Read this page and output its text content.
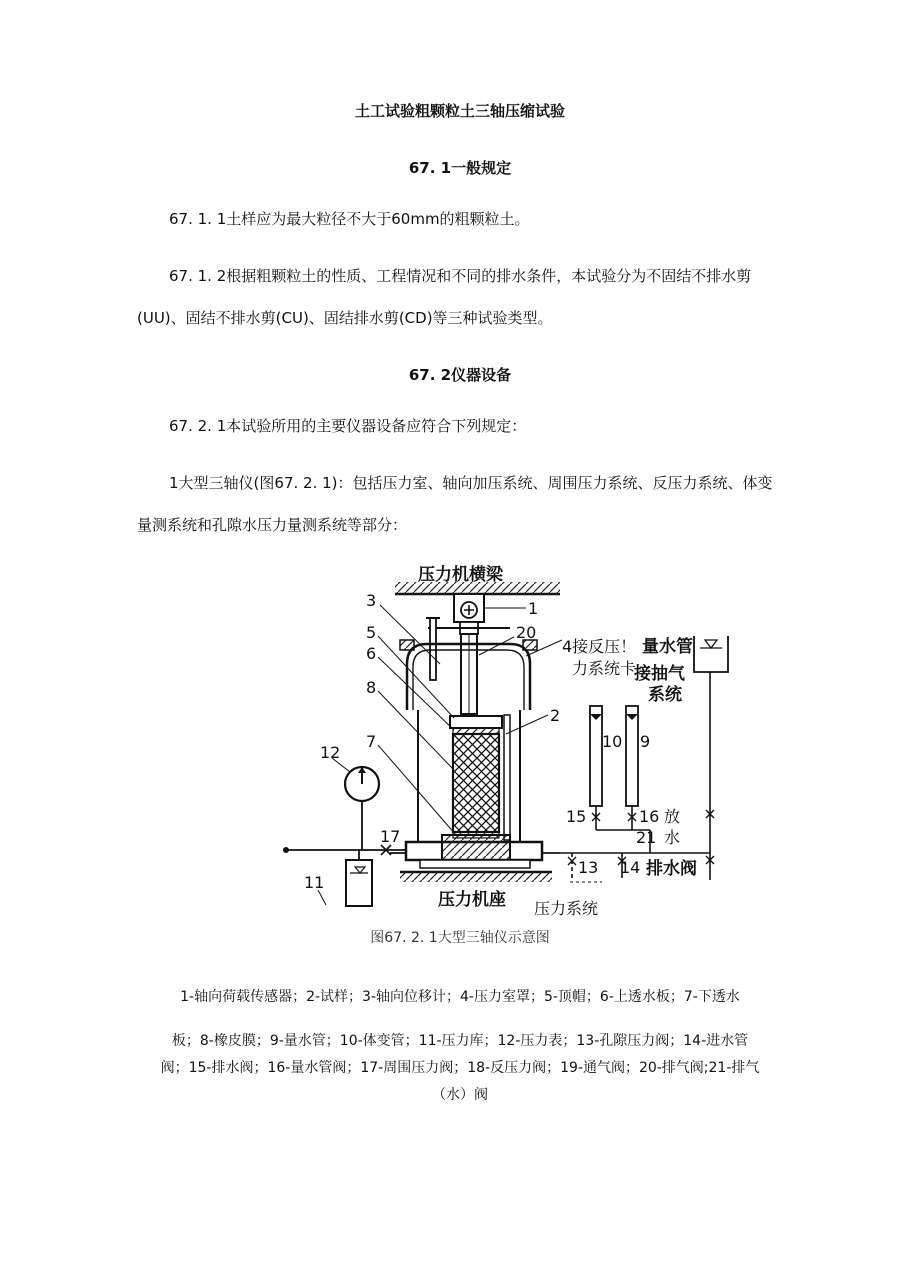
土工试验粗颗粒土三轴压缩试验
67. 1一般规定
67. 1. 1土样应为最大粒径不大于60mm的粗颗粒土。
67. 1. 2根据粗颗粒土的性质、工程情况和不同的排水条件，本试验分为不固结不排水剪
(UU)、固结不排水剪(CU)、固结排水剪(CD)等三种试验类型。
67. 2仪器设备
67. 2. 1本试验所用的主要仪器设备应符合下列规定：
1大型三轴仪(图67. 2. 1)：包括压力室、轴向加压系统、周围压力系统、反压力系统、体变
量测系统和孔隙水压力量测系统等部分：
压力机横梁
1
3
5
6
8
7
2
20
4接反压！
力系统卡
压力机座
12
17
11
10 9
15	16
21
放
水
13 14 排水阀
量水管
接抽气
系统
压力系统
图67. 2. 1大型三轴仪示意图
1-轴向荷载传感器；2-试样；3-轴向位移计；4-压力室罩；5-顶帽；6-上透水板；7-下透水
板；8-橡皮膜；9-量水管；10-体变管；11-压力库；12-压力表；13-孔隙压力阀；14-进水管
阀；15-排水阀；16-量水管阀；17-周围压力阀；18-反压力阀；19-通气阀；20-排气阀;21-排气
（水）阀
